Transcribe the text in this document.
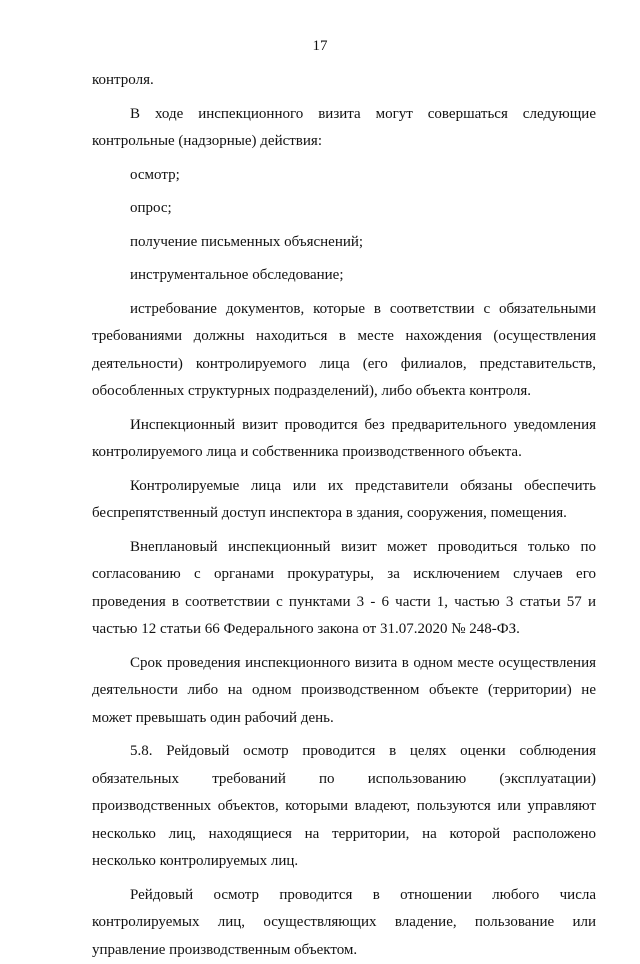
17

контроля.

В ходе инспекционного визита могут совершаться следующие контрольные (надзорные) действия:

осмотр;

опрос;

получение письменных объяснений;

инструментальное обследование;

истребование документов, которые в соответствии с обязательными требованиями должны находиться в месте нахождения (осуществления деятельности) контролируемого лица (его филиалов, представительств, обособленных структурных подразделений), либо объекта контроля.

Инспекционный визит проводится без предварительного уведомления контролируемого лица и собственника производственного объекта.

Контролируемые лица или их представители обязаны обеспечить беспрепятственный доступ инспектора в здания, сооружения, помещения.

Внеплановый инспекционный визит может проводиться только по согласованию с органами прокуратуры, за исключением случаев его проведения в соответствии с пунктами 3 - 6 части 1, частью 3 статьи 57 и частью 12 статьи 66 Федерального закона от 31.07.2020 № 248-ФЗ.

Срок проведения инспекционного визита в одном месте осуществления деятельности либо на одном производственном объекте (территории) не может превышать один рабочий день.

5.8. Рейдовый осмотр проводится в целях оценки соблюдения обязательных требований по использованию (эксплуатации) производственных объектов, которыми владеют, пользуются или управляют несколько лиц, находящиеся на территории, на которой расположено несколько контролируемых лиц.

Рейдовый осмотр проводится в отношении любого числа контролируемых лиц, осуществляющих владение, пользование или управление производственным объектом.
